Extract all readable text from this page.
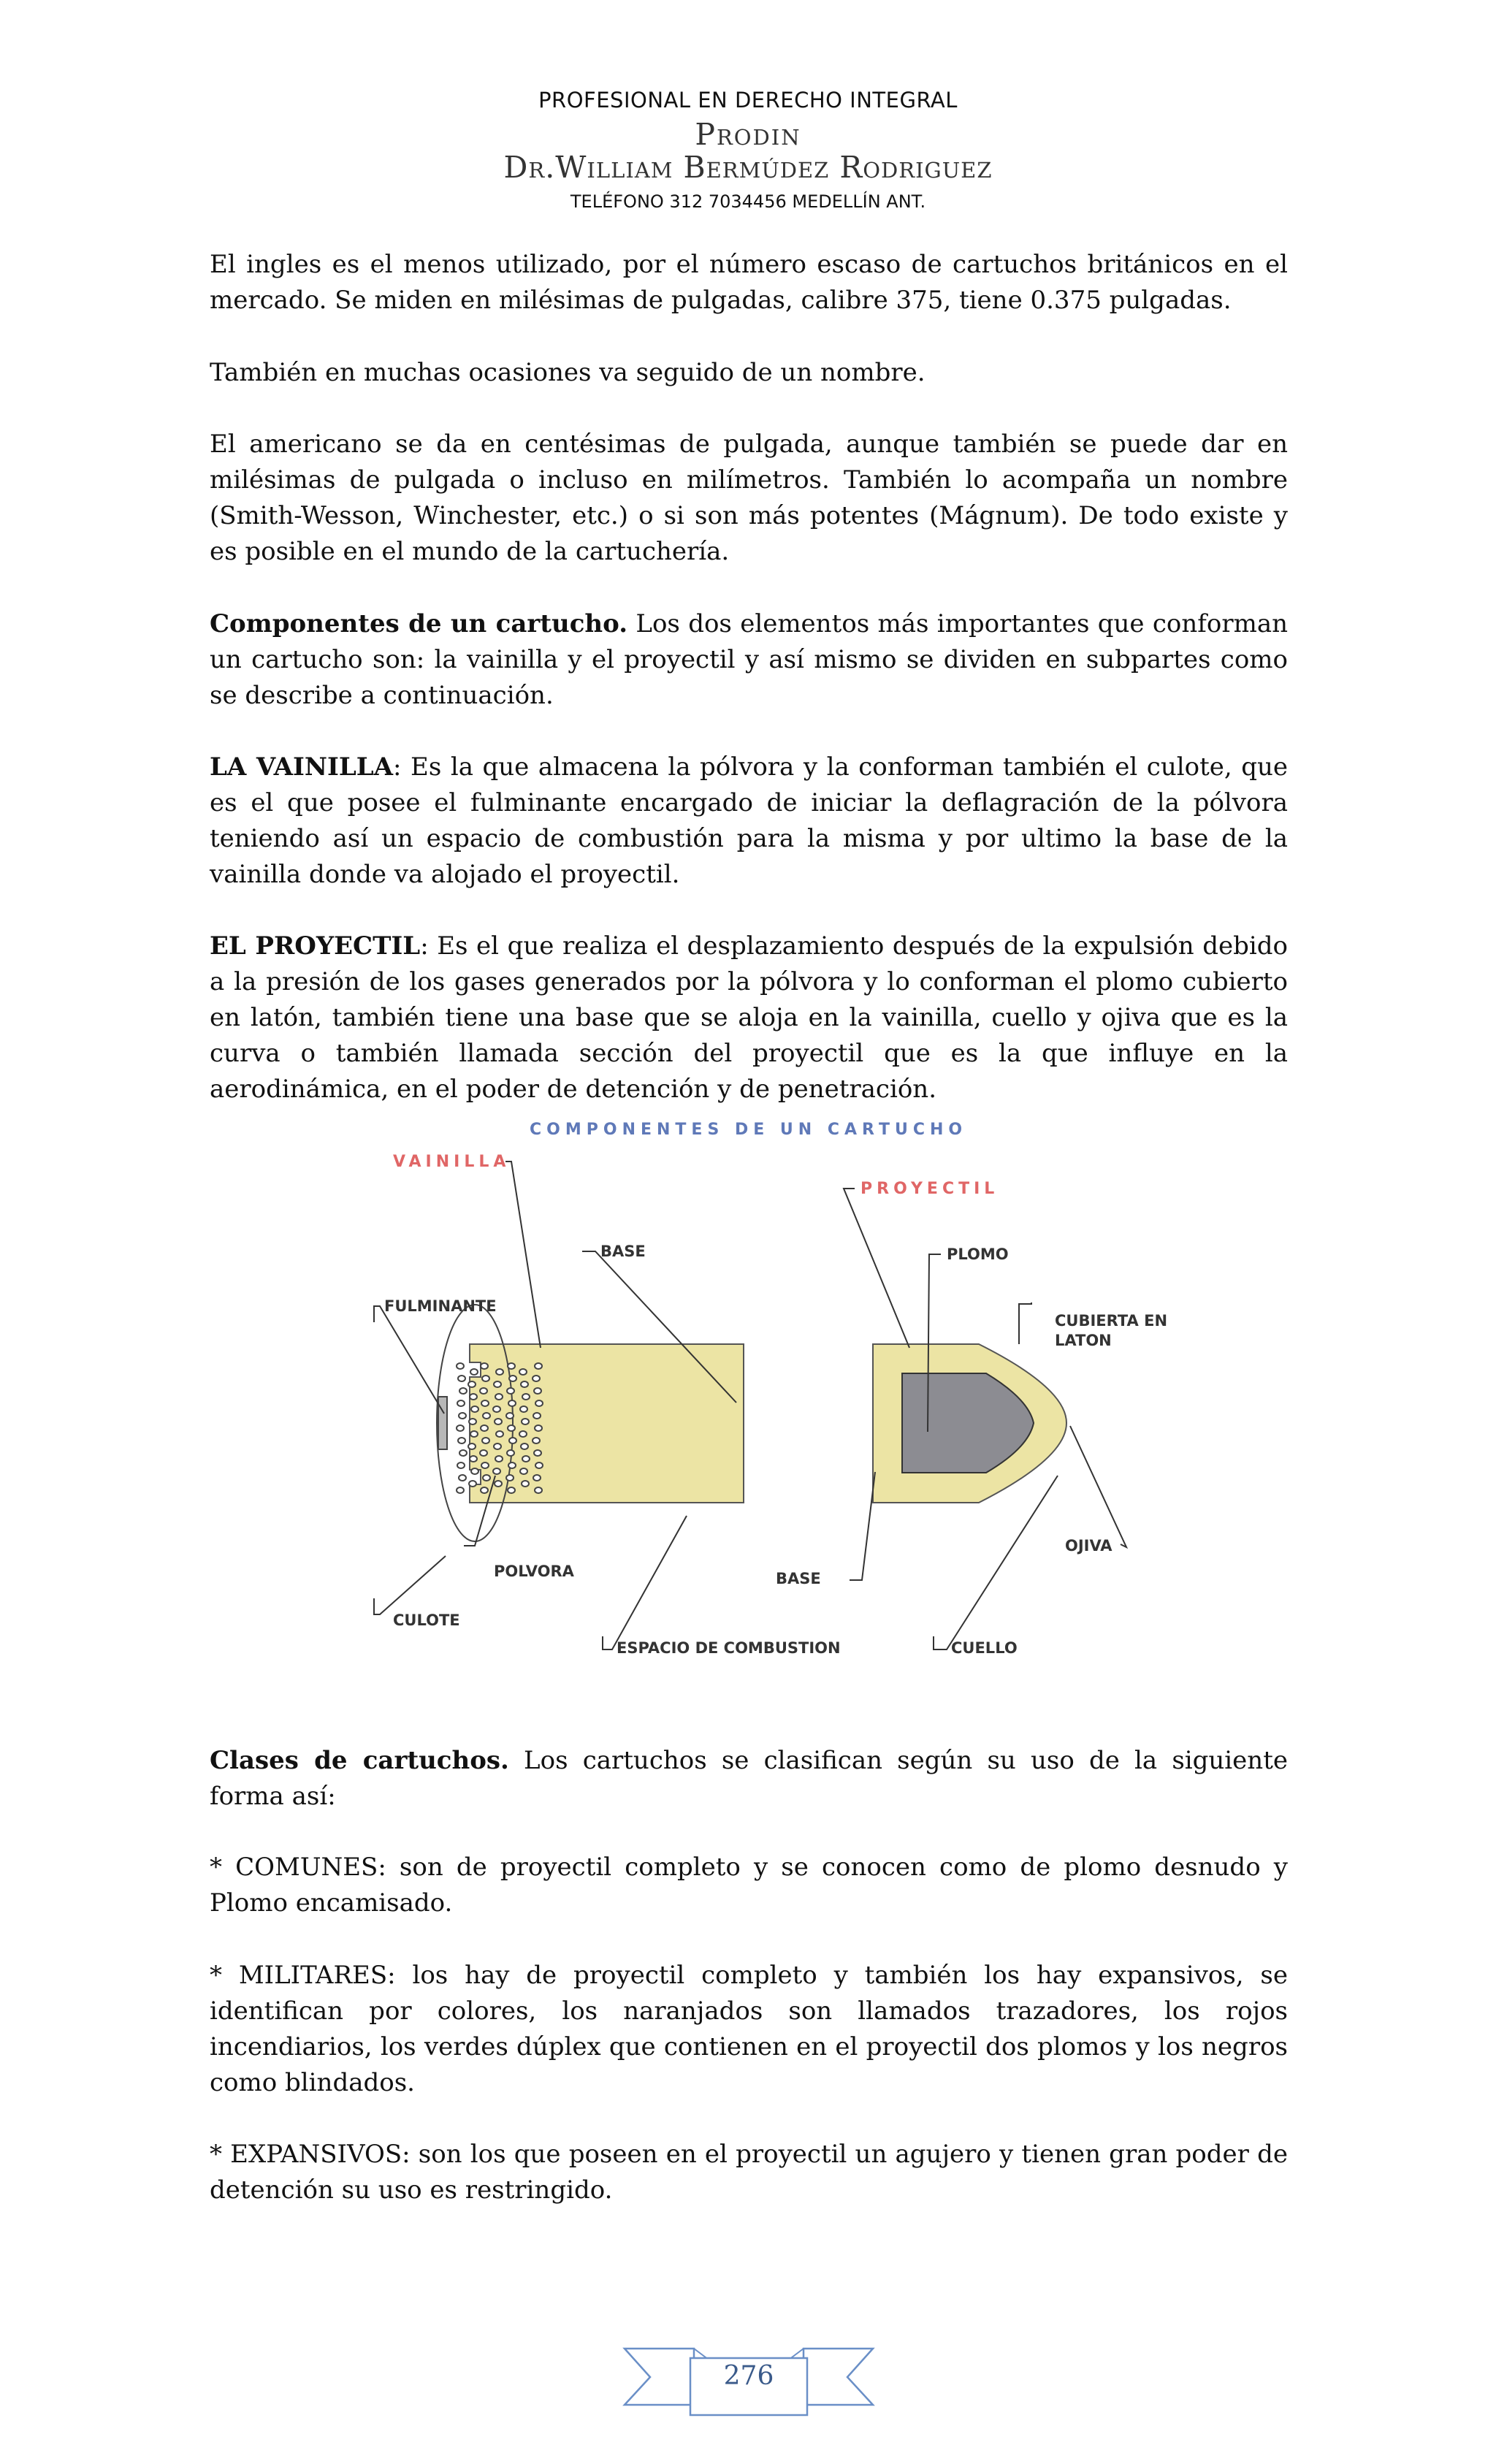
PROFESIONAL EN DERECHO INTEGRAL
Prodin
Dr.William Bermúdez Rodriguez
TELÉFONO 312 7034456 MEDELLÍN ANT.

El ingles es el menos utilizado, por el número escaso de cartuchos británicos en el mercado. Se miden en milésimas de pulgadas, calibre 375, tiene 0.375 pulgadas.

También en muchas ocasiones va seguido de un nombre.

El americano se da en centésimas de pulgada, aunque también se puede dar en milésimas de pulgada o incluso en milímetros. También lo acompaña un nombre (Smith-Wesson, Winchester, etc.) o si son más potentes (Mágnum). De todo existe y es posible en el mundo de la cartuchería.

Componentes de un cartucho. Los dos elementos más importantes que conforman un cartucho son: la vainilla y el proyectil y así mismo se dividen en subpartes como se describe a continuación.

LA VAINILLA: Es la que almacena la pólvora y la conforman también el culote, que es el que posee el fulminante encargado de iniciar la deflagración de la pólvora teniendo así un espacio de combustión para la misma y por ultimo la base de la vainilla donde va alojado el proyectil.

EL PROYECTIL: Es el que realiza el desplazamiento después de la expulsión debido a la presión de los gases generados por la pólvora y lo conforman el plomo cubierto en latón, también tiene una base que se aloja en la vainilla, cuello y ojiva que es la curva o también llamada sección del proyectil que es la que influye en la aerodinámica, en el poder de detención y de penetración.

COMPONENTES DE UN CARTUCHO
VAINILLA
PROYECTIL
BASE
FULMINANTE
PLOMO
CUBIERTA EN
LATON
OJIVA
POLVORA	BASE
CULOTE
ESPACIO DE COMBUSTION	CUELLO

Clases de cartuchos. Los cartuchos se clasifican según su uso de la siguiente forma así:

* COMUNES: son de proyectil completo y se conocen como de plomo desnudo y Plomo encamisado.

* MILITARES: los hay de proyectil completo y también los hay expansivos, se identifican por colores, los naranjados son llamados trazadores, los rojos incendiarios, los verdes dúplex que contienen en el proyectil dos plomos y los negros como blindados.

* EXPANSIVOS: son los que poseen en el proyectil un agujero y tienen gran poder de detención su uso es restringido.

276
